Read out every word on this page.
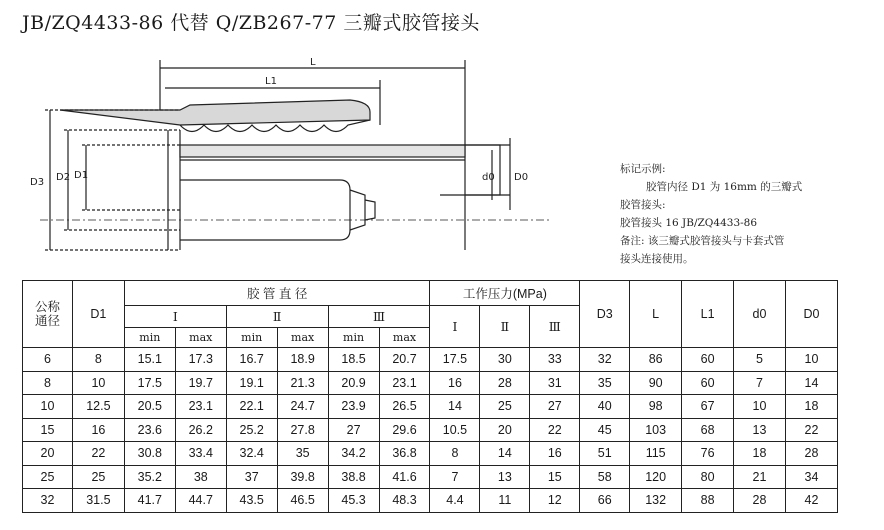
JB/ZQ4433-86 代替 Q/ZB267-77 三瓣式胶管接头
L
L1
D3 D2 D1	d0 D0
标记示例:
胶管内径 D1 为 16mm 的三瓣式
胶管接头:
胶管接头 16 JB/ZQ4433-86
备注: 该三瓣式胶管接头与卡套式管
接头连接使用。
公称
通径	D1	胶 管 直 径						工作压力(MPa)			D3	L	L1	d0	D0
		Ⅰ		Ⅱ		Ⅲ		Ⅰ	Ⅱ	Ⅲ					
		min	max	min	max	min	max								
6	8	15.1	17.3	16.7	18.9	18.5	20.7	17.5	30	33	32	86	60	5	10
8	10	17.5	19.7	19.1	21.3	20.9	23.1	16	28	31	35	90	60	7	14
10	12.5	20.5	23.1	22.1	24.7	23.9	26.5	14	25	27	40	98	67	10	18
15	16	23.6	26.2	25.2	27.8	27	29.6	10.5	20	22	45	103	68	13	22
20	22	30.8	33.4	32.4	35	34.2	36.8	8	14	16	51	115	76	18	28
25	25	35.2	38	37	39.8	38.8	41.6	7	13	15	58	120	80	21	34
32	31.5	41.7	44.7	43.5	46.5	45.3	48.3	4.4	11	12	66	132	88	28	42
